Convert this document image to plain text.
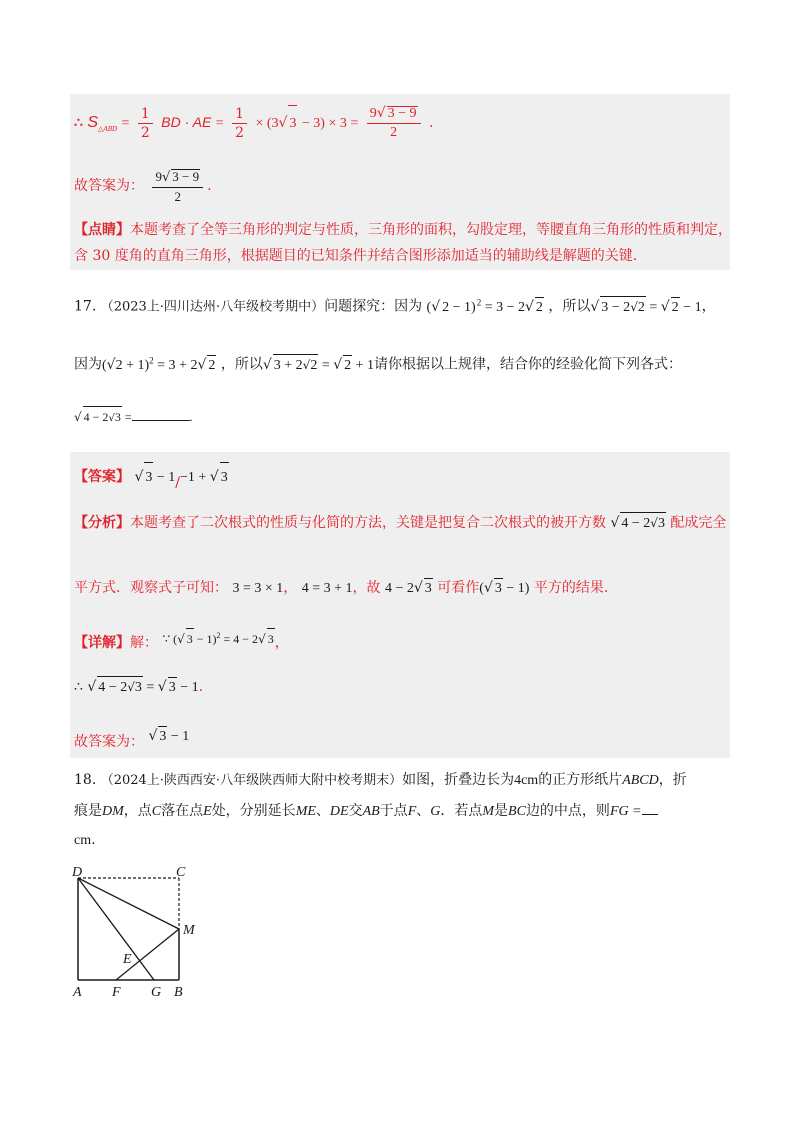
∴ $S_{\triangle ABD} = \frac{1}{2}$ BD · AE = $\frac{1}{2} \times (3√$ $3 - 3) \times 3 = \frac{9√ 3 - 9}{2}$ .
故答案为： $\frac{9√ 3 - 9}{2}$ .
【点睛】本题考查了全等三角形的判定与性质，三角形的面积，勾股定理，等腰直角三角形的性质和判定，
含 30 度角的直角三角形，根据题目的已知条件并结合图形添加适当的辅助线是解题的关键.
17. （2023上·四川达州·八年级校考期中）问题探究：因为 (√ 2 − 1)$^2$ = 3 − 2√ 2 ，所以√ 3 − 2√2 = √ 2 − 1，
因为$(√2 + 1)^2 = 3 + 2√$ 2 ，所以√ 3 + 2√2 = √ 2 + 1请你根据以上规律，结合你的经验化简下列各式：
√ 4 − 2√3 =	.
【答案】 √ 3 − 1/−1 + √ 3
【分析】本题考查了二次根式的性质与化简的方法，关键是把复合二次根式的被开方数 √ 4 − 2√3 配成完全
平方式．观察式子可知： 3 = 3 × 1， 4 = 3 + 1，故 4 − 2√ 3 可看作(√ 3 − 1) 平方的结果.
【详解】解： ∵ (√ 3 − 1)$^2$ = 4 − 2√ 3，
∴ √ 4 − 2√3 = √ 3 − 1.
故答案为： √ 3 − 1
18. （2024上·陕西西安·八年级陕西师大附中校考期末）如图，折叠边长为4cm的正方形纸片ABCD，折
痕是DM，点C落在点E处，分别延长ME、DE交AB于点F、G．若点M是BC边的中点，则FG =
cm.
D	C
M
E
A F G B
